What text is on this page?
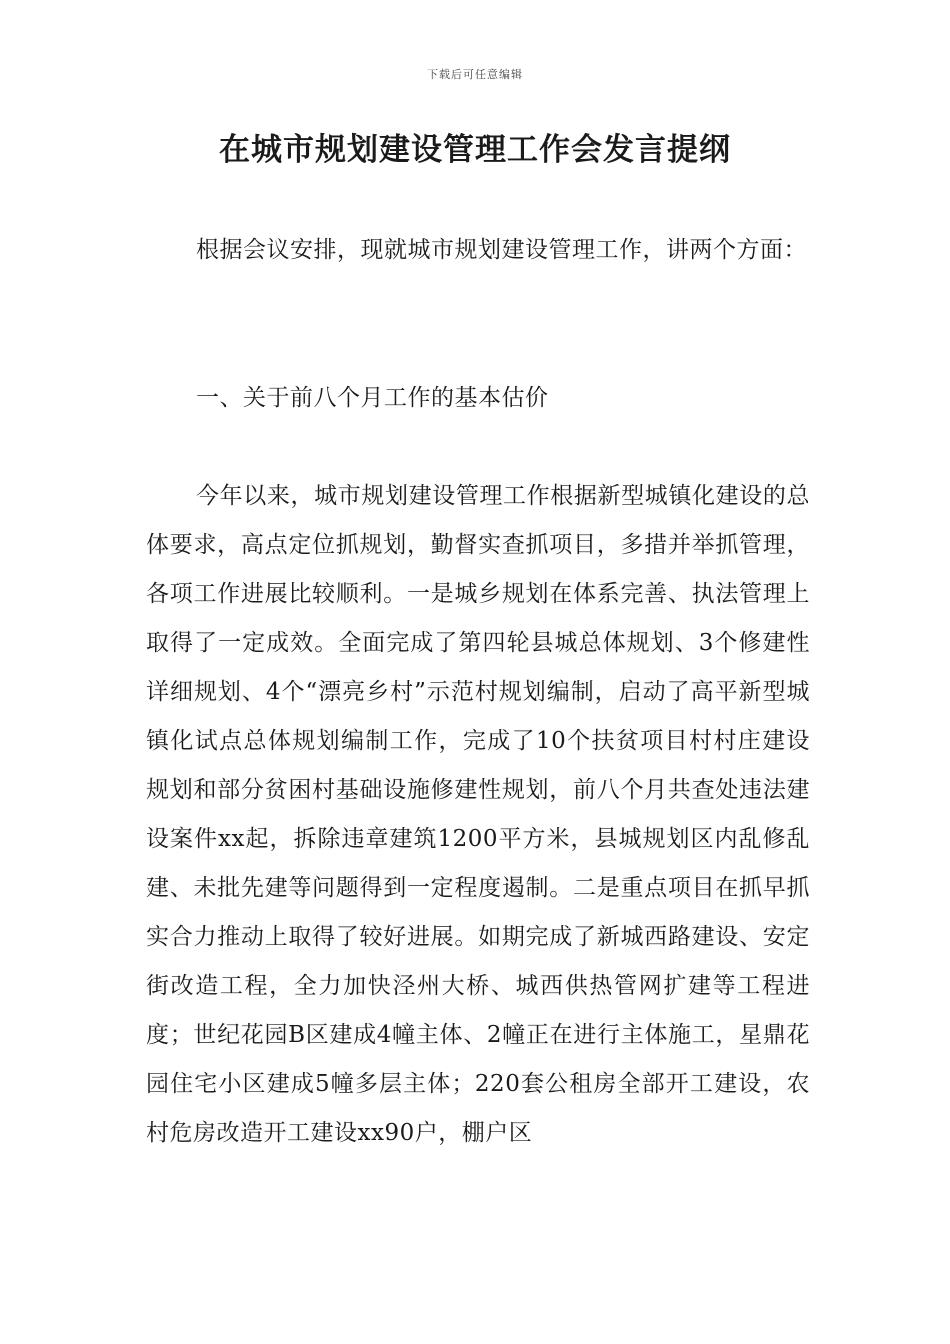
下载后可任意编辑
在城市规划建设管理工作会发言提纲

根据会议安排，现就城市规划建设管理工作，讲两个方面：

一、关于前八个月工作的基本估价

今年以来，城市规划建设管理工作根据新型城镇化建设的总体要求，高点定位抓规划，勤督实查抓项目，多措并举抓管理，各项工作进展比较顺利。一是城乡规划在体系完善、执法管理上取得了一定成效。全面完成了第四轮县城总体规划、3个修建性详细规划、4个“漂亮乡村”示范村规划编制，启动了高平新型城镇化试点总体规划编制工作，完成了10个扶贫项目村村庄建设规划和部分贫困村基础设施修建性规划，前八个月共查处违法建设案件xx起，拆除违章建筑1200平方米，县城规划区内乱修乱建、未批先建等问题得到一定程度遏制。二是重点项目在抓早抓实合力推动上取得了较好进展。如期完成了新城西路建设、安定街改造工程，全力加快泾州大桥、城西供热管网扩建等工程进度；世纪花园B区建成4幢主体、2幢正在进行主体施工，星鼎花园住宅小区建成5幢多层主体；220套公租房全部开工建设，农村危房改造开工建设xx90户，棚户区
